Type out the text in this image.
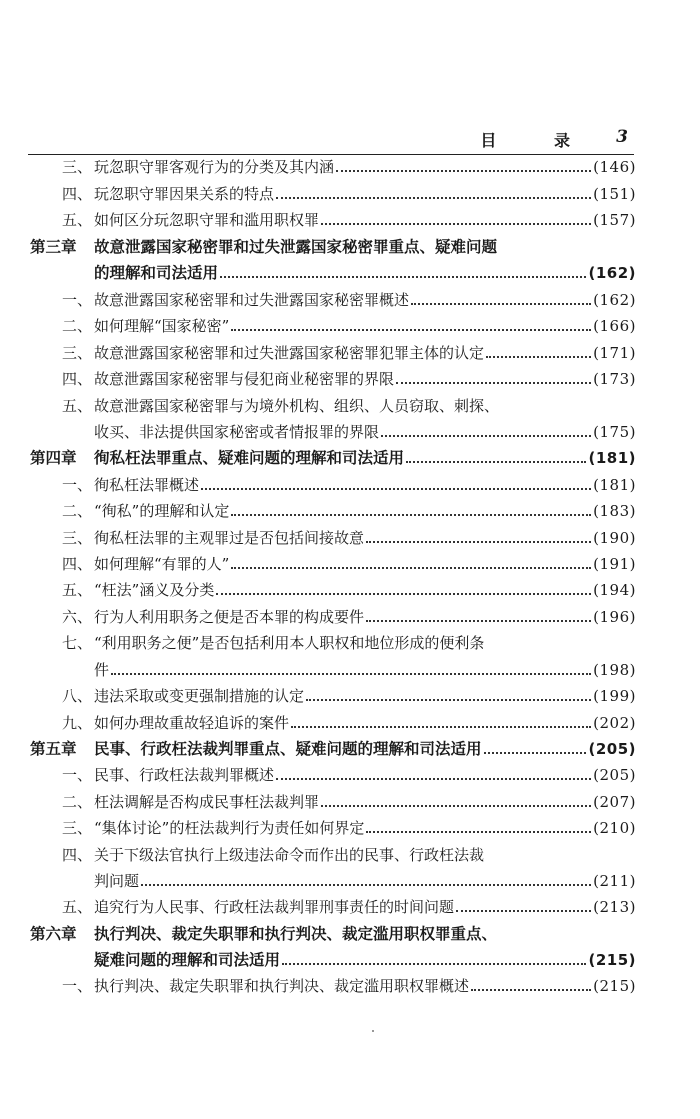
目 录 3
三、 玩忽职守罪客观行为的分类及其内涵	(146)
四、 玩忽职守罪因果关系的特点	(151)
五、 如何区分玩忽职守罪和滥用职权罪	(157)
第三章	故意泄露国家秘密罪和过失泄露国家秘密罪重点、疑难问题
的理解和司法适用	(162)
一、 故意泄露国家秘密罪和过失泄露国家秘密罪概述	(162)
二、 如何理解“国家秘密”	(166)
三、 故意泄露国家秘密罪和过失泄露国家秘密罪犯罪主体的认定	(171)
四、 故意泄露国家秘密罪与侵犯商业秘密罪的界限	(173)
五、 故意泄露国家秘密罪与为境外机构、组织、人员窃取、刺探、
收买、非法提供国家秘密或者情报罪的界限	(175)
第四章	徇私枉法罪重点、疑难问题的理解和司法适用	(181)
一、 徇私枉法罪概述	(181)
二、 “徇私”的理解和认定	(183)
三、 徇私枉法罪的主观罪过是否包括间接故意	(190)
四、 如何理解“有罪的人”	(191)
五、 “枉法”涵义及分类	(194)
六、 行为人利用职务之便是否本罪的构成要件	(196)
七、 “利用职务之便”是否包括利用本人职权和地位形成的便利条
件	(198)
八、 违法采取或变更强制措施的认定	(199)
九、 如何办理故重故轻追诉的案件	(202)
第五章	民事、行政枉法裁判罪重点、疑难问题的理解和司法适用	(205)
一、 民事、行政枉法裁判罪概述	(205)
二、 枉法调解是否构成民事枉法裁判罪	(207)
三、 “集体讨论”的枉法裁判行为责任如何界定	(210)
四、 关于下级法官执行上级违法命令而作出的民事、行政枉法裁
判问题	(211)
五、 追究行为人民事、行政枉法裁判罪刑事责任的时间问题	(213)
第六章	执行判决、裁定失职罪和执行判决、裁定滥用职权罪重点、
疑难问题的理解和司法适用	(215)
一、 执行判决、裁定失职罪和执行判决、裁定滥用职权罪概述	(215)
